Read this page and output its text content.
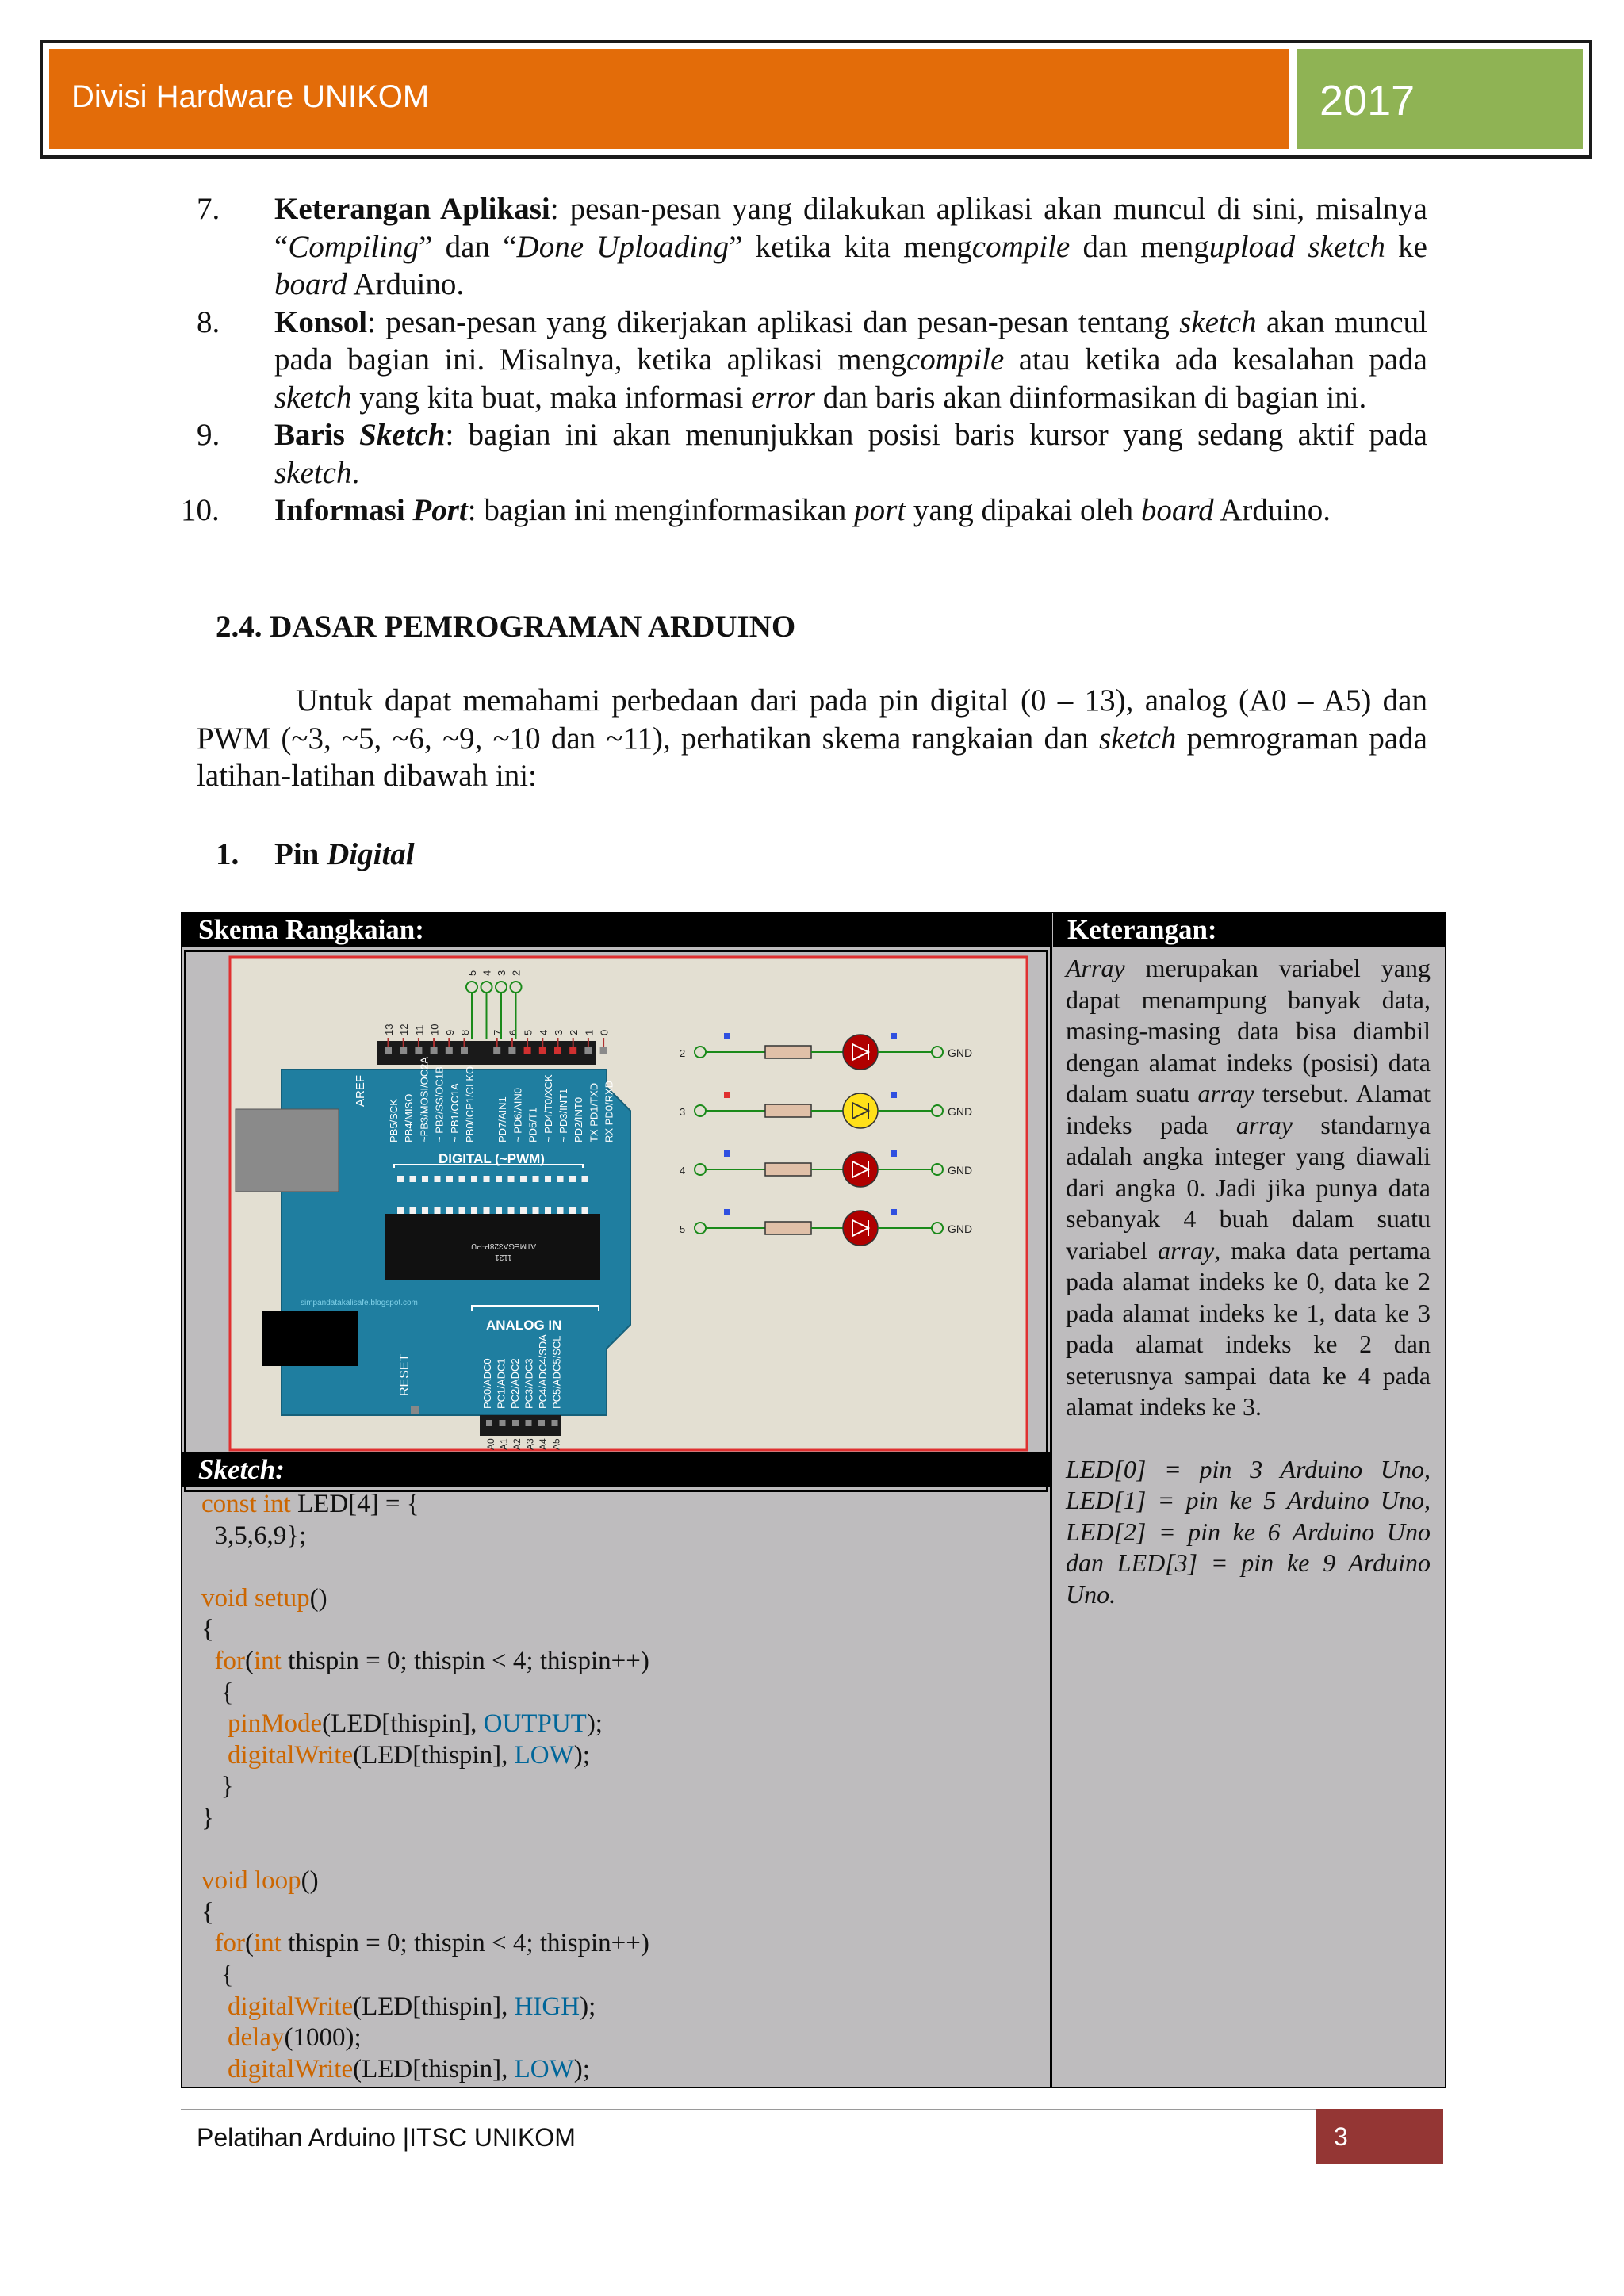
Divisi Hardware UNIKOM	2017
7.	Keterangan Aplikasi: pesan-pesan yang dilakukan aplikasi akan muncul di sini, misalnya “Compiling” dan “Done Uploading” ketika kita mengcompile dan mengupload sketch ke board Arduino.
8.	Konsol: pesan-pesan yang dikerjakan aplikasi dan pesan-pesan tentang sketch akan muncul pada bagian ini. Misalnya, ketika aplikasi mengcompile atau ketika ada kesalahan pada sketch yang kita buat, maka informasi error dan baris akan diinformasikan di bagian ini.
9.	Baris Sketch: bagian ini akan menunjukkan posisi baris kursor yang sedang aktif pada sketch.
10.	Informasi Port: bagian ini menginformasikan port yang dipakai oleh board Arduino.
2.4. DASAR PEMROGRAMAN ARDUINO
Untuk dapat memahami perbedaan dari pada pin digital (0 – 13), analog (A0 – A5) dan PWM (~3, ~5, ~6, ~9, ~10 dan ~11), perhatikan skema rangkaian dan sketch pemrograman pada latihan-latihan dibawah ini:
1. Pin Digital
Skema Rangkaian:	Keterangan:
13 12 11 10 9 8 7 6 5 4 3 2 1 0
AREF
PB5/SCK PB4/MISO ~PB3/MOSI/OC2A ~ PB2/SS/OC1B ~ PB1/OC1A PB0/ICP1/CLKO PD7/AIN1 ~ PD6/AIN0 PD5/T1 ~ PD4/T0/XCK ~ PD3/INT1 PD2/INT0 TX PD1/TXD RX PD0/RXD
5 4 3 2
DIGITAL (~PWM)
ATMEGA328P-PU
1121
simpandatakalisafe.blogspot.com
ANALOG IN
PC0/ADC0 PC1/ADC1 PC2/ADC2 PC3/ADC3 PC4/ADC4/SDA PC5/ADC5/SCL
RESET
A0 A1 A2 A3 A4 A5
2	GND
3	GND
4	GND
5	GND
Sketch:
const int LED[4] = {
3,5,6,9};

void setup()
{
for(int thispin = 0; thispin < 4; thispin++)
{
pinMode(LED[thispin], OUTPUT);
digitalWrite(LED[thispin], LOW);
}
}

void loop()
{
for(int thispin = 0; thispin < 4; thispin++)
{
digitalWrite(LED[thispin], HIGH);
delay(1000);
digitalWrite(LED[thispin], LOW);

Array merupakan variabel yang dapat menampung banyak data, masing-masing data bisa diambil dengan alamat indeks (posisi) data dalam suatu array tersebut. Alamat indeks pada array standarnya adalah angka integer yang diawali dari angka 0. Jadi jika punya data sebanyak 4 buah dalam suatu variabel array, maka data pertama pada alamat indeks ke 0, data ke 2 pada alamat indeks ke 1, data ke 3 pada alamat indeks ke 2 dan seterusnya sampai data ke 4 pada alamat indeks ke 3.

LED[0] = pin 3 Arduino Uno, LED[1] = pin ke 5 Arduino Uno, LED[2] = pin ke 6 Arduino Uno dan LED[3] = pin ke 9 Arduino Uno.

Pelatihan Arduino |ITSC UNIKOM	3
